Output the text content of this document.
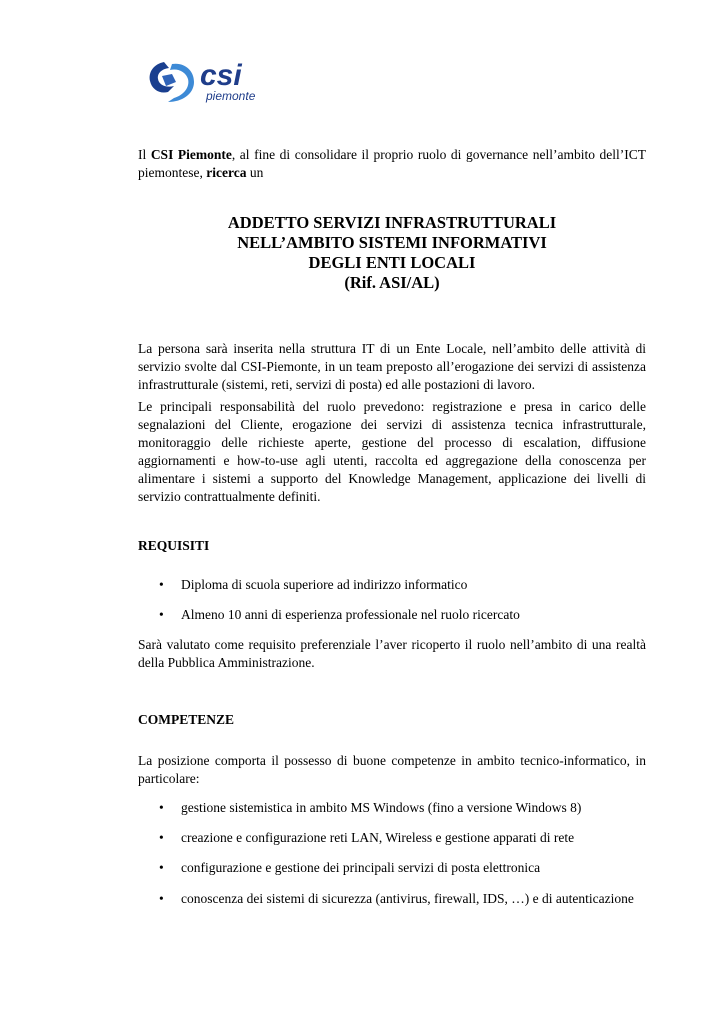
csi
piemonte
Il CSI Piemonte, al fine di consolidare il proprio ruolo di governance nell’ambito dell’ICT piemontese, ricerca un
ADDETTO SERVIZI INFRASTRUTTURALI
NELL’AMBITO SISTEMI INFORMATIVI
DEGLI ENTI LOCALI
(Rif. ASI/AL)
La persona sarà inserita nella struttura IT di un Ente Locale, nell’ambito delle attività di servizio svolte dal CSI-Piemonte, in un team preposto all’erogazione dei servizi di assistenza infrastrutturale (sistemi, reti, servizi di posta) ed alle postazioni di lavoro.
Le principali responsabilità del ruolo prevedono: registrazione e presa in carico delle segnalazioni del Cliente, erogazione dei servizi di assistenza tecnica infrastrutturale, monitoraggio delle richieste aperte, gestione del processo di escalation, diffusione aggiornamenti e how-to-use agli utenti, raccolta ed aggregazione della conoscenza per alimentare i sistemi a supporto del Knowledge Management, applicazione dei livelli di servizio contrattualmente definiti.
REQUISITI
• Diploma di scuola superiore ad indirizzo informatico
• Almeno 10 anni di esperienza professionale nel ruolo ricercato
Sarà valutato come requisito preferenziale l’aver ricoperto il ruolo nell’ambito di una realtà della Pubblica Amministrazione.
COMPETENZE
La posizione comporta il possesso di buone competenze in ambito tecnico-informatico, in particolare:
• gestione sistemistica in ambito MS Windows (fino a versione Windows 8)
• creazione e configurazione reti LAN, Wireless e gestione apparati di rete
• configurazione e gestione dei principali servizi di posta elettronica
• conoscenza dei sistemi di sicurezza (antivirus, firewall, IDS, …) e di autenticazione
